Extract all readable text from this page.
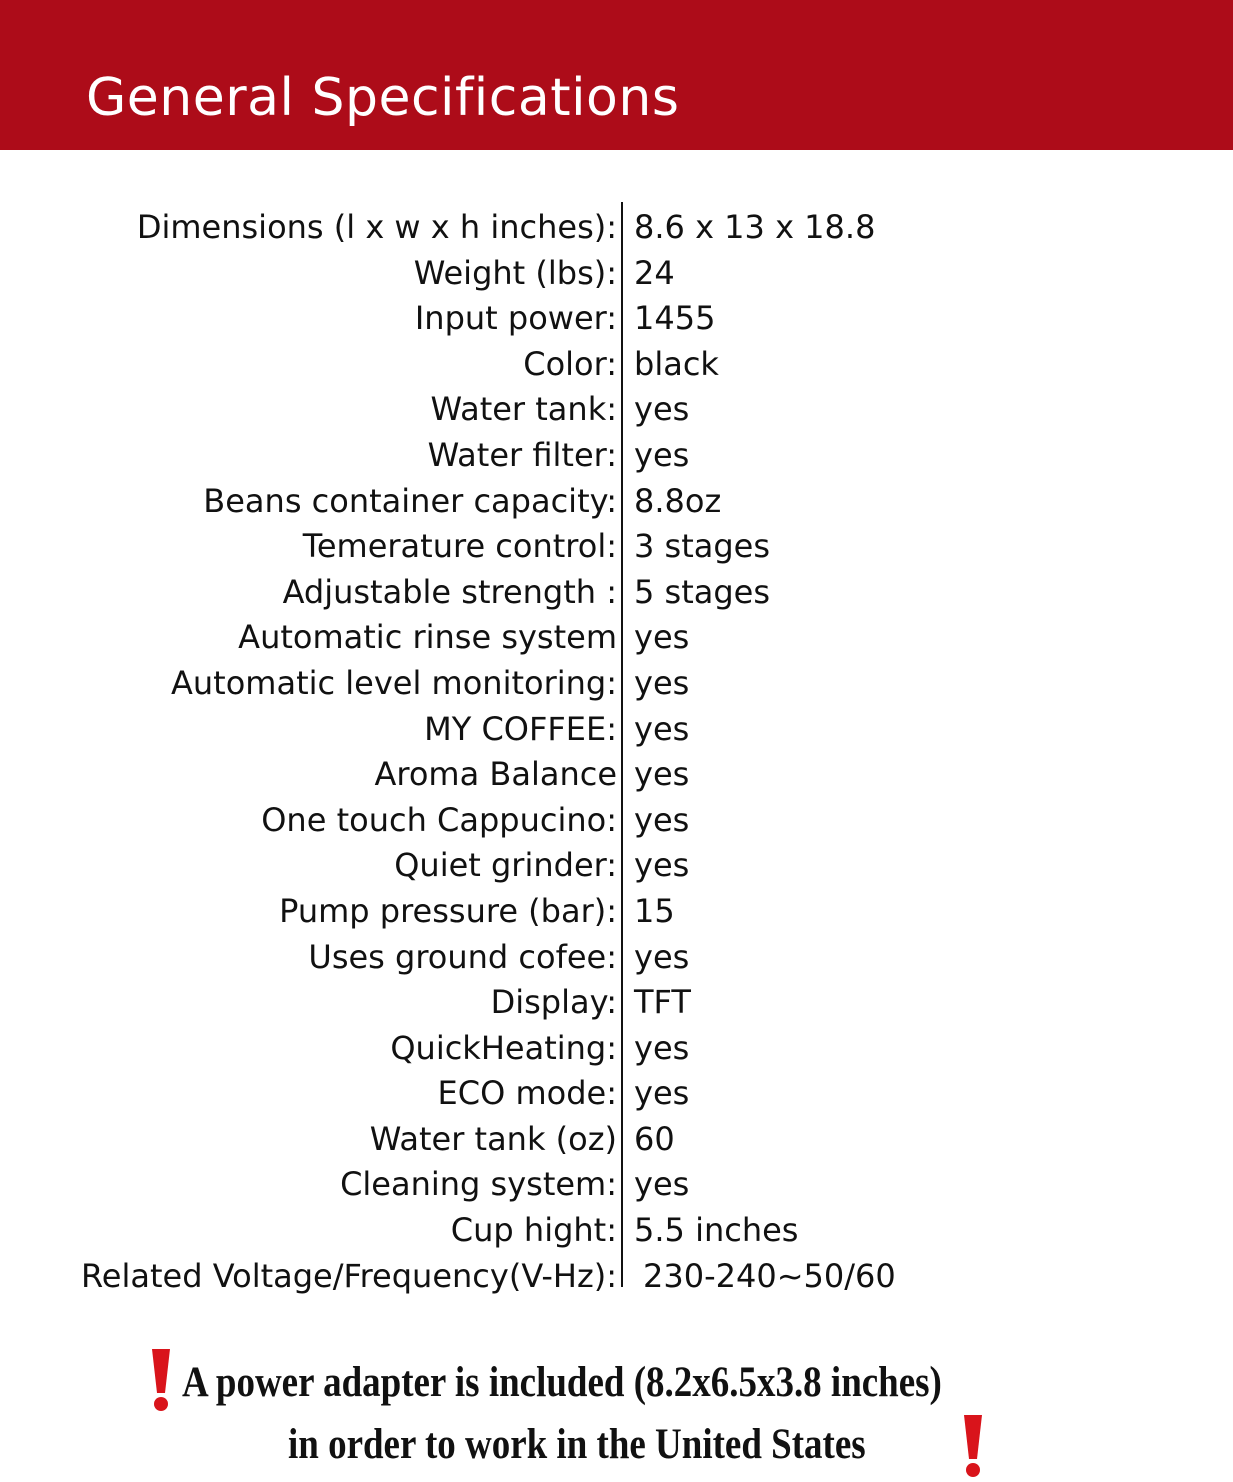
General Specifications
Dimensions (l x w x h inches): 8.6 x 13 x 18.8
Weight (lbs): 24
Input power: 1455
Color: black
Water tank: yes
Water filter: yes
Beans container capacity: 8.8oz
Temerature control: 3 stages
Adjustable strength : 5 stages
Automatic rinse system yes
Automatic level monitoring: yes
MY COFFEE: yes
Aroma Balance yes
One touch Cappucino: yes
Quiet grinder: yes
Pump pressure (bar): 15
Uses ground cofee: yes
Display: TFT
QuickHeating: yes
ECO mode: yes
Water tank (oz) 60
Cleaning system: yes
Cup hight: 5.5 inches
Related Voltage/Frequency(V-Hz): 230-240~50/60
A power adapter is included (8.2x6.5x3.8 inches)
in order to work in the United States
